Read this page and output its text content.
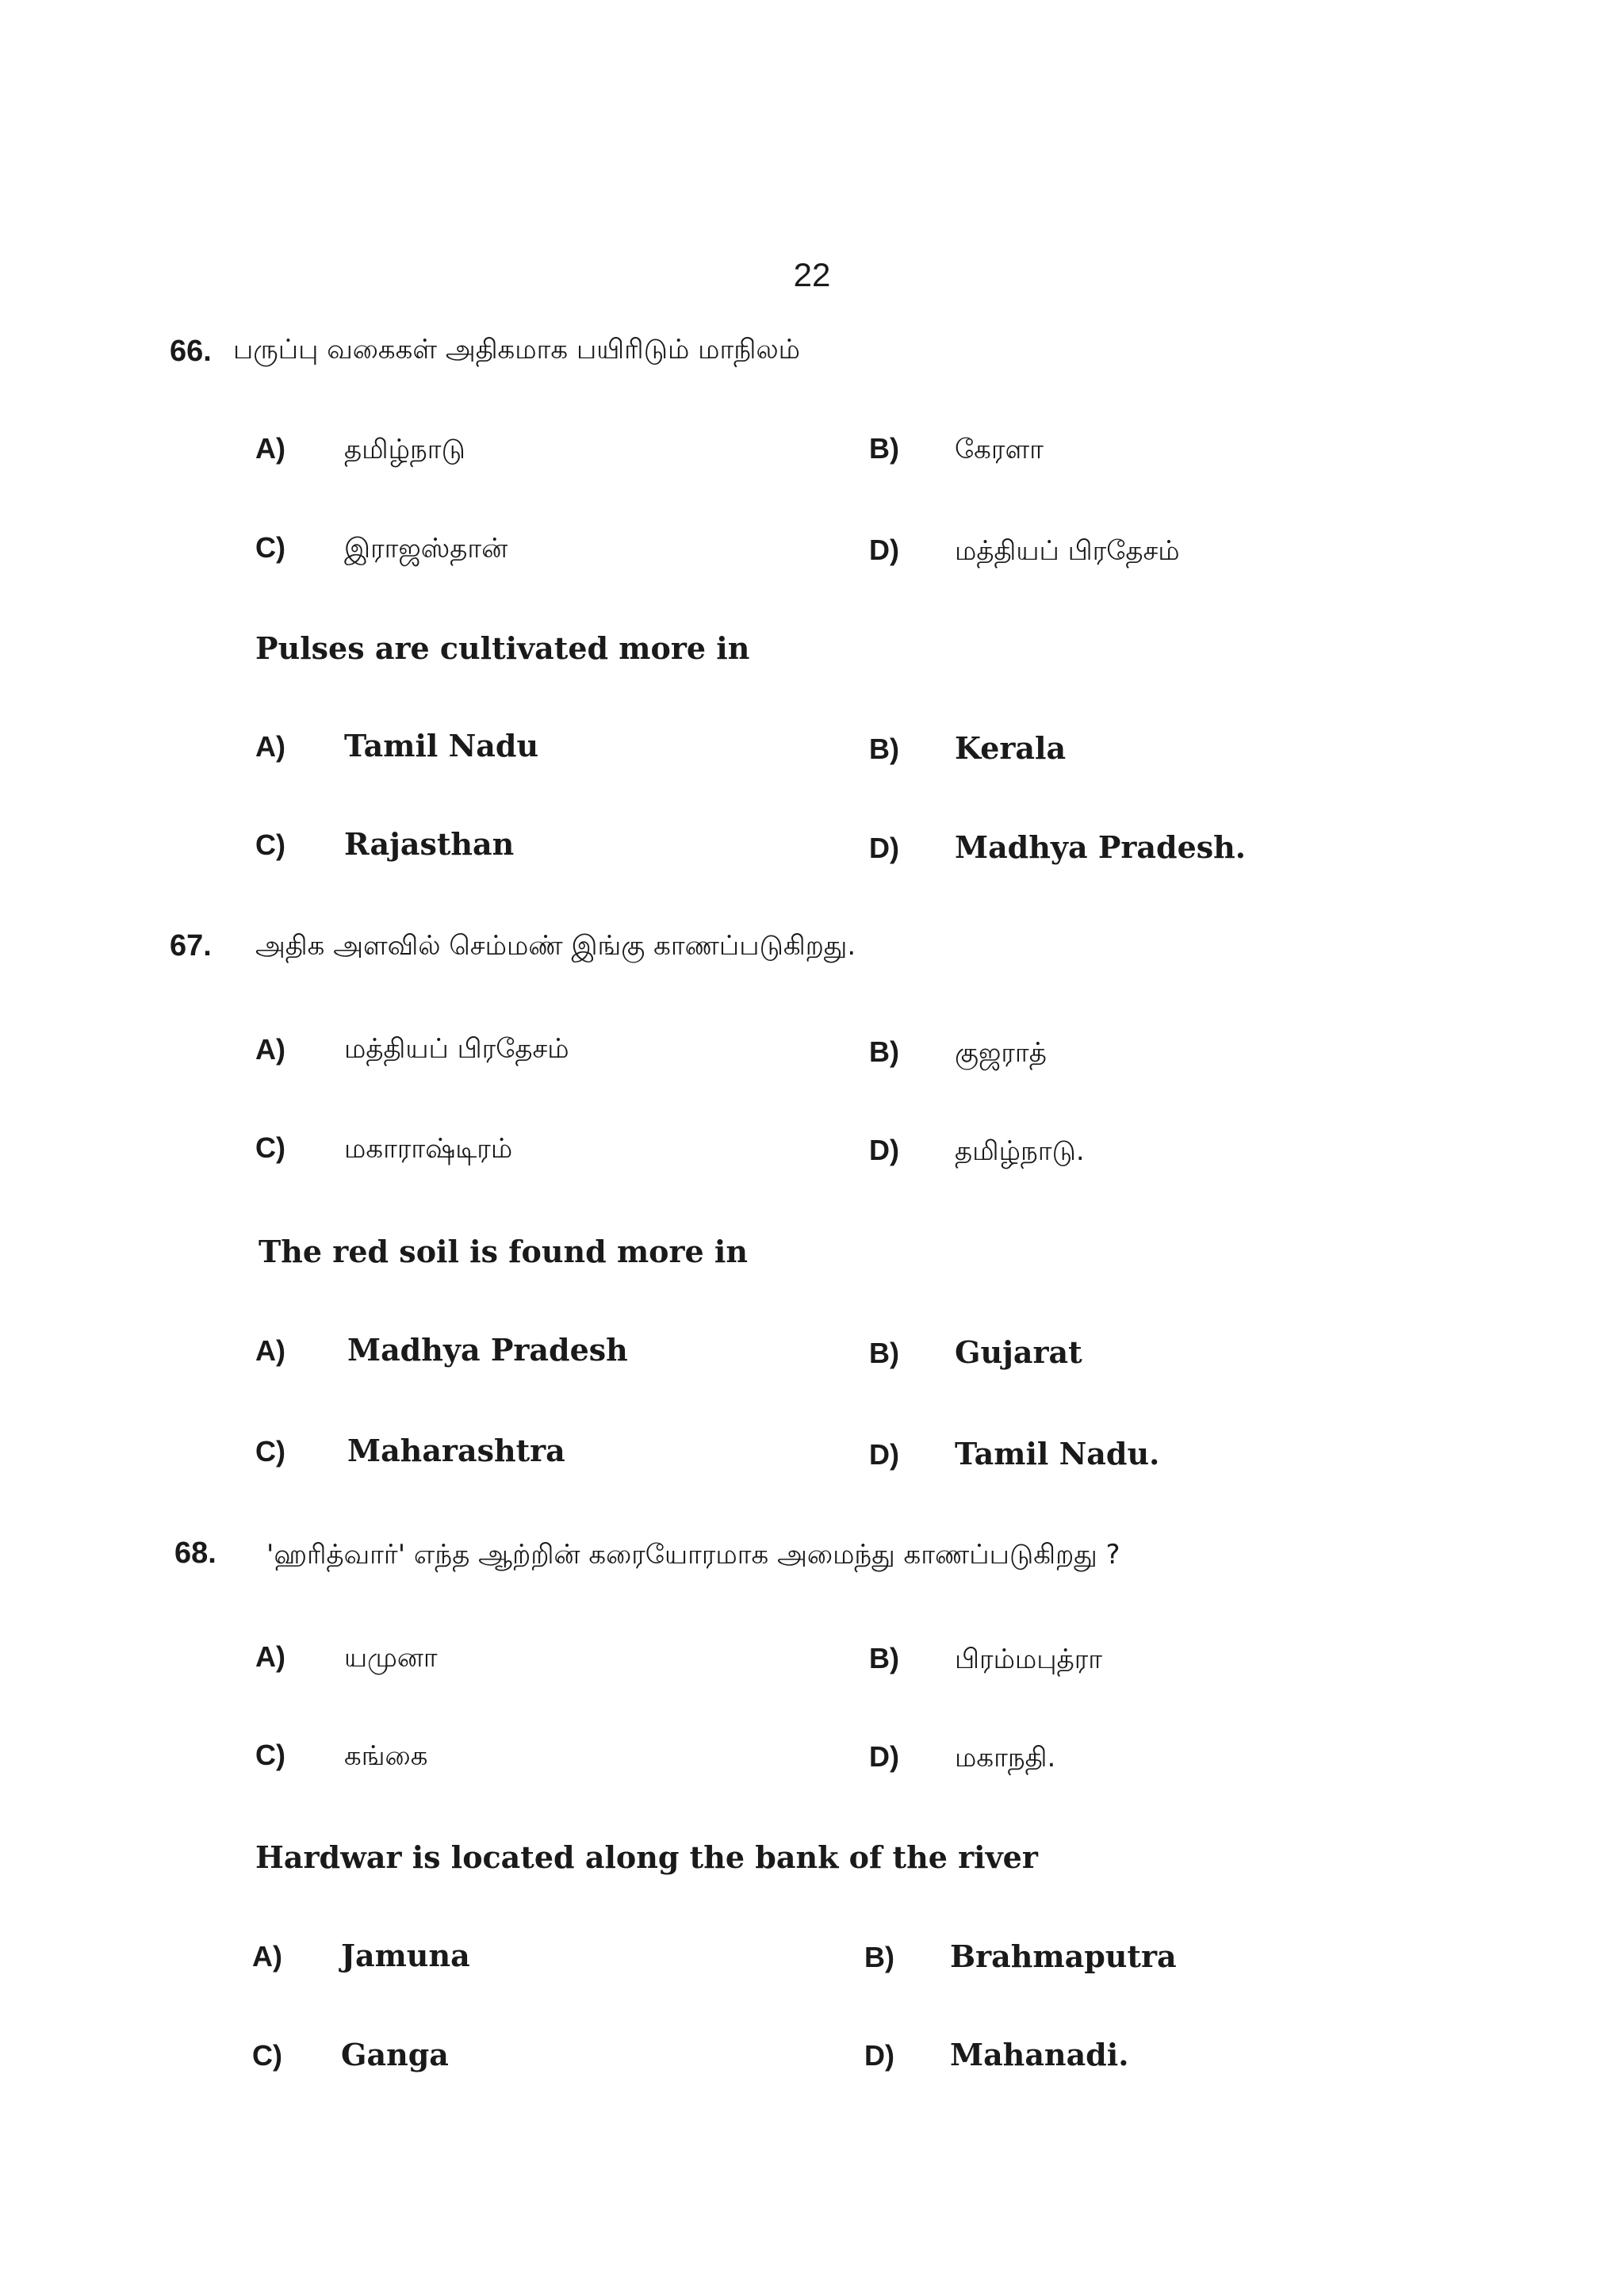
22
66. பருப்பு வகைகள் அதிகமாக பயிரிடும் மாநிலம்
A) தமிழ்நாடு	B) கேரளா
C) இராஜஸ்தான்	D) மத்தியப் பிரதேசம்
Pulses are cultivated more in
A) Tamil Nadu	B) Kerala
C) Rajasthan	D) Madhya Pradesh.
67. அதிக அளவில் செம்மண் இங்கு காணப்படுகிறது.
A) மத்தியப் பிரதேசம்	B) குஜராத்
C) மகாராஷ்டிரம்	D) தமிழ்நாடு.
The red soil is found more in
A) Madhya Pradesh	B) Gujarat
C) Maharashtra	D) Tamil Nadu.
68. 'ஹரித்வார்' எந்த ஆற்றின் கரையோரமாக அமைந்து காணப்படுகிறது ?
A) யமுனா	B) பிரம்மபுத்ரா
C) கங்கை	D) மகாநதி.
Hardwar is located along the bank of the river
A) Jamuna	B) Brahmaputra
C) Ganga	D) Mahanadi.
